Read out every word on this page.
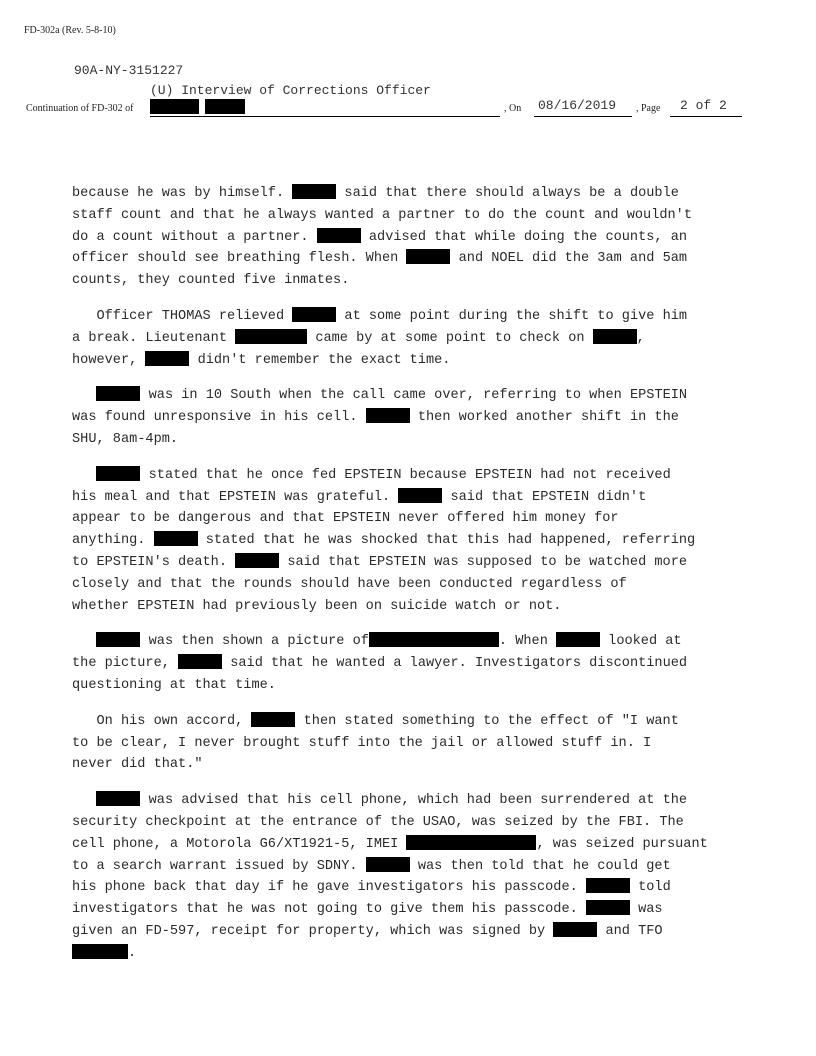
FD-302a (Rev. 5-8-10)
90A-NY-3151227
(U) Interview of Corrections Officer
Continuation of FD-302 of	, On 08/16/2019 , Page 2 of 2

because he was by himself.	said that there should always be a double
staff count and that he always wanted a partner to do the count and wouldn't
do a count without a partner.	advised that while doing the counts, an
officer should see breathing flesh. When	and NOEL did the 3am and 5am
counts, they counted five inmates.

Officer THOMAS relieved	at some point during the shift to give him
a break. Lieutenant	came by at some point to check on	,
however,	didn't remember the exact time.

was in 10 South when the call came over, referring to when EPSTEIN
was found unresponsive in his cell.	then worked another shift in the
SHU, 8am-4pm.

stated that he once fed EPSTEIN because EPSTEIN had not received
his meal and that EPSTEIN was grateful.	said that EPSTEIN didn't
appear to be dangerous and that EPSTEIN never offered him money for
anything.	stated that he was shocked that this had happened, referring
to EPSTEIN's death.	said that EPSTEIN was supposed to be watched more
closely and that the rounds should have been conducted regardless of
whether EPSTEIN had previously been on suicide watch or not.

was then shown a picture of	. When	looked at
the picture,	said that he wanted a lawyer. Investigators discontinued
questioning at that time.

On his own accord,	then stated something to the effect of "I want
to be clear, I never brought stuff into the jail or allowed stuff in. I
never did that."

was advised that his cell phone, which had been surrendered at the
security checkpoint at the entrance of the USAO, was seized by the FBI. The
cell phone, a Motorola G6/XT1921-5, IMEI	, was seized pursuant
to a search warrant issued by SDNY.	was then told that he could get
his phone back that day if he gave investigators his passcode.	told
investigators that he was not going to give them his passcode.	was
given an FD-597, receipt for property, which was signed by	and TFO
.
